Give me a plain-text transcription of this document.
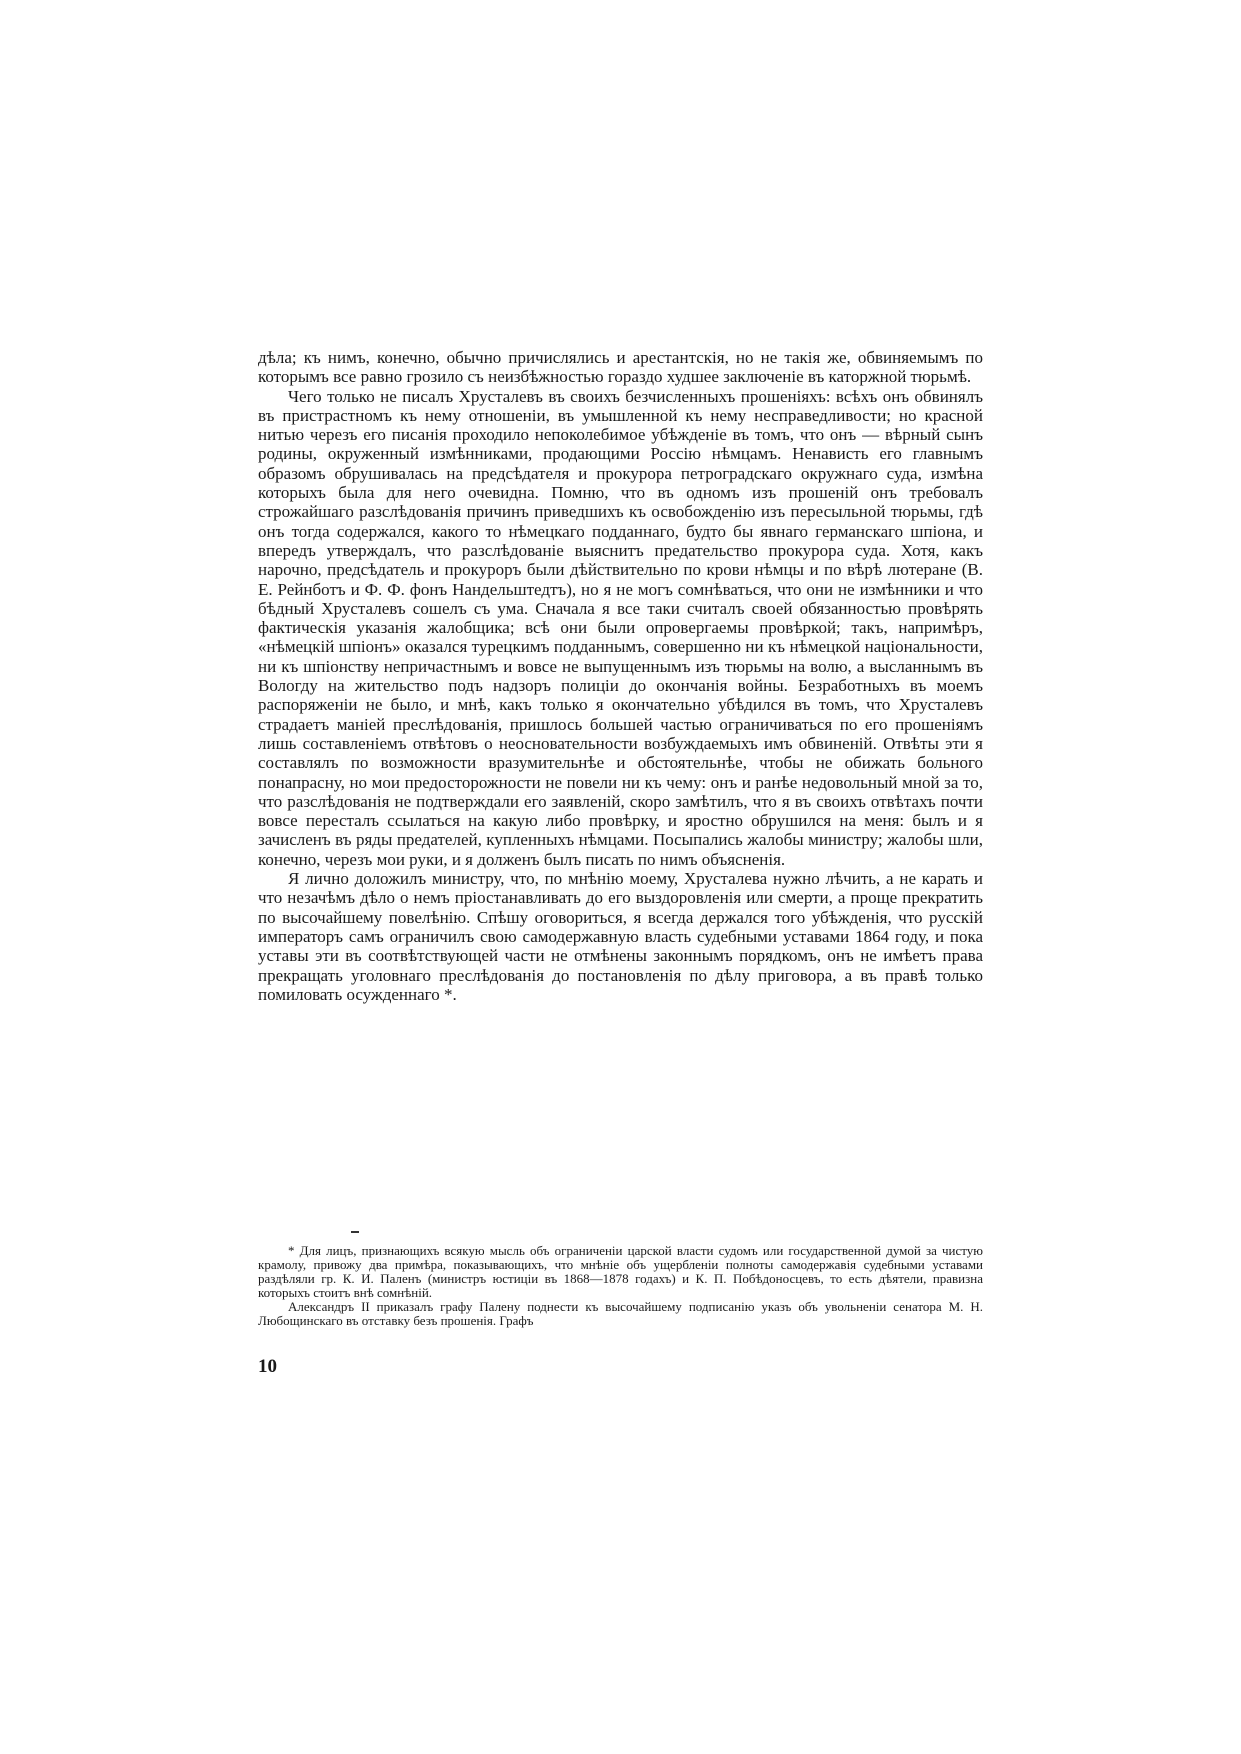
дѣла; къ нимъ, конечно, обычно причислялись и арестантскія, но не такія же, обвиняемымъ по которымъ все равно грозило съ неизбѣжностью гораздо худшее заключеніе въ каторжной тюрьмѣ.

Чего только не писалъ Хрусталевъ въ своихъ безчисленныхъ прошеніяхъ: всѣхъ онъ обвинялъ въ пристрастномъ къ нему отношеніи, въ умышленной къ нему несправедливости; но красной нитью черезъ его писанія проходило непоколебимое убѣжденіе въ томъ, что онъ — вѣрный сынъ родины, окруженный измѣнниками, продающими Россію нѣмцамъ. Ненависть его главнымъ образомъ обрушивалась на предсѣдателя и прокурора петроградскаго окружнаго суда, измѣна которыхъ была для него очевидна. Помню, что въ одномъ изъ прошеній онъ требовалъ строжайшаго разслѣдованія причинъ приведшихъ къ освобожденію изъ пересыльной тюрьмы, гдѣ онъ тогда содержался, какого то нѣмецкаго подданнаго, будто бы явнаго германскаго шпіона, и впередъ утверждалъ, что разслѣдованіе выяснитъ предательство прокурора суда. Хотя, какъ нарочно, предсѣдатель и прокуроръ были дѣйствительно по крови нѣмцы и по вѣрѣ лютеране (В. Е. Рейнботъ и Ф. Ф. фонъ Нандельштедтъ), но я не могъ сомнѣваться, что они не измѣнники и что бѣдный Хрусталевъ сошелъ съ ума. Сначала я все таки считалъ своей обязанностью провѣрять фактическія указанія жалобщика; всѣ они были опровергаемы провѣркой; такъ, напримѣръ, «нѣмецкій шпіонъ» оказался турецкимъ подданнымъ, совершенно ни къ нѣмецкой національности, ни къ шпіонству непричастнымъ и вовсе не выпущеннымъ изъ тюрьмы на волю, а высланнымъ въ Вологду на жительство подъ надзоръ полиціи до окончанія войны. Безработныхъ въ моемъ распоряженіи не было, и мнѣ, какъ только я окончательно убѣдился въ томъ, что Хрусталевъ страдаетъ маніей преслѣдованія, пришлось большей частью ограничиваться по его прошеніямъ лишь составленіемъ отвѣтовъ о неосновательности возбуждаемыхъ имъ обвиненій. Отвѣты эти я составлялъ по возможности вразумительнѣе и обстоятельнѣе, чтобы не обижать больного понапрасну, но мои предосторожности не повели ни къ чему: онъ и ранѣе недовольный мной за то, что разслѣдованія не подтверждали его заявленій, скоро замѣтилъ, что я въ своихъ отвѣтахъ почти вовсе пересталъ ссылаться на какую либо провѣрку, и яростно обрушился на меня: былъ и я зачисленъ въ ряды предателей, купленныхъ нѣмцами. Посыпались жалобы министру; жалобы шли, конечно, черезъ мои руки, и я долженъ былъ писать по нимъ объясненія.

Я лично доложилъ министру, что, по мнѣнію моему, Хрусталева нужно лѣчить, а не карать и что незачѣмъ дѣло о немъ пріостанавливать до его выздоровленія или смерти, а проще прекратить по высочайшему повелѣнію. Спѣшу оговориться, я всегда держался того убѣжденія, что русскій императоръ самъ ограничилъ свою самодержавную власть судебными уставами 1864 году, и пока уставы эти въ соотвѣтствующей части не отмѣнены законнымъ порядкомъ, онъ не имѣетъ права прекращать уголовнаго преслѣдованія до постановленія по дѣлу приговора, а въ правѣ только помиловать осужденнаго *.

* Для лицъ, признающихъ всякую мысль объ ограниченіи царской власти судомъ или государственной думой за чистую крамолу, привожу два примѣра, показывающихъ, что мнѣніе объ ущербленіи полноты самодержавія судебными уставами раздѣляли гр. К. И. Паленъ (министръ юстиціи въ 1868—1878 годахъ) и К. П. Побѣдоносцевъ, то есть дѣятели, правизна которыхъ стоитъ внѣ сомнѣній.

Александръ II приказалъ графу Палену поднести къ высочайшему подписанію указъ объ увольненіи сенатора М. Н. Любощинскаго въ отставку безъ прошенія. Графъ

10
